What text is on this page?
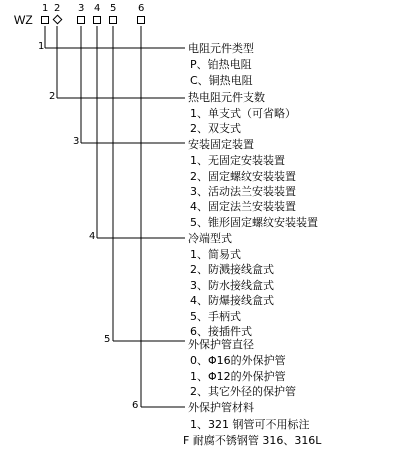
WZ
1 2 3 4 5 6
1	电阻元件类型
P、铂热电阻
C、铜热电阻
2	热电阻元件支数
1、单支式（可省略）
2、双支式
3	安装固定装置
1、无固定安装装置
2、固定螺纹安装装置
3、活动法兰安装装置
4、固定法兰安装装置
5、锥形固定螺纹安装装置
4	冷端型式
1、简易式
2、防溅接线盒式
3、防水接线盒式
4、防爆接线盒式
5、手柄式
6、接插件式
5	外保护管直径
0、Φ16的外保护管
1、Φ12的外保护管
2、其它外径的保护管
6	外保护管材料
1、321 钢管可不用标注
F 耐腐不锈钢管 316、316L
